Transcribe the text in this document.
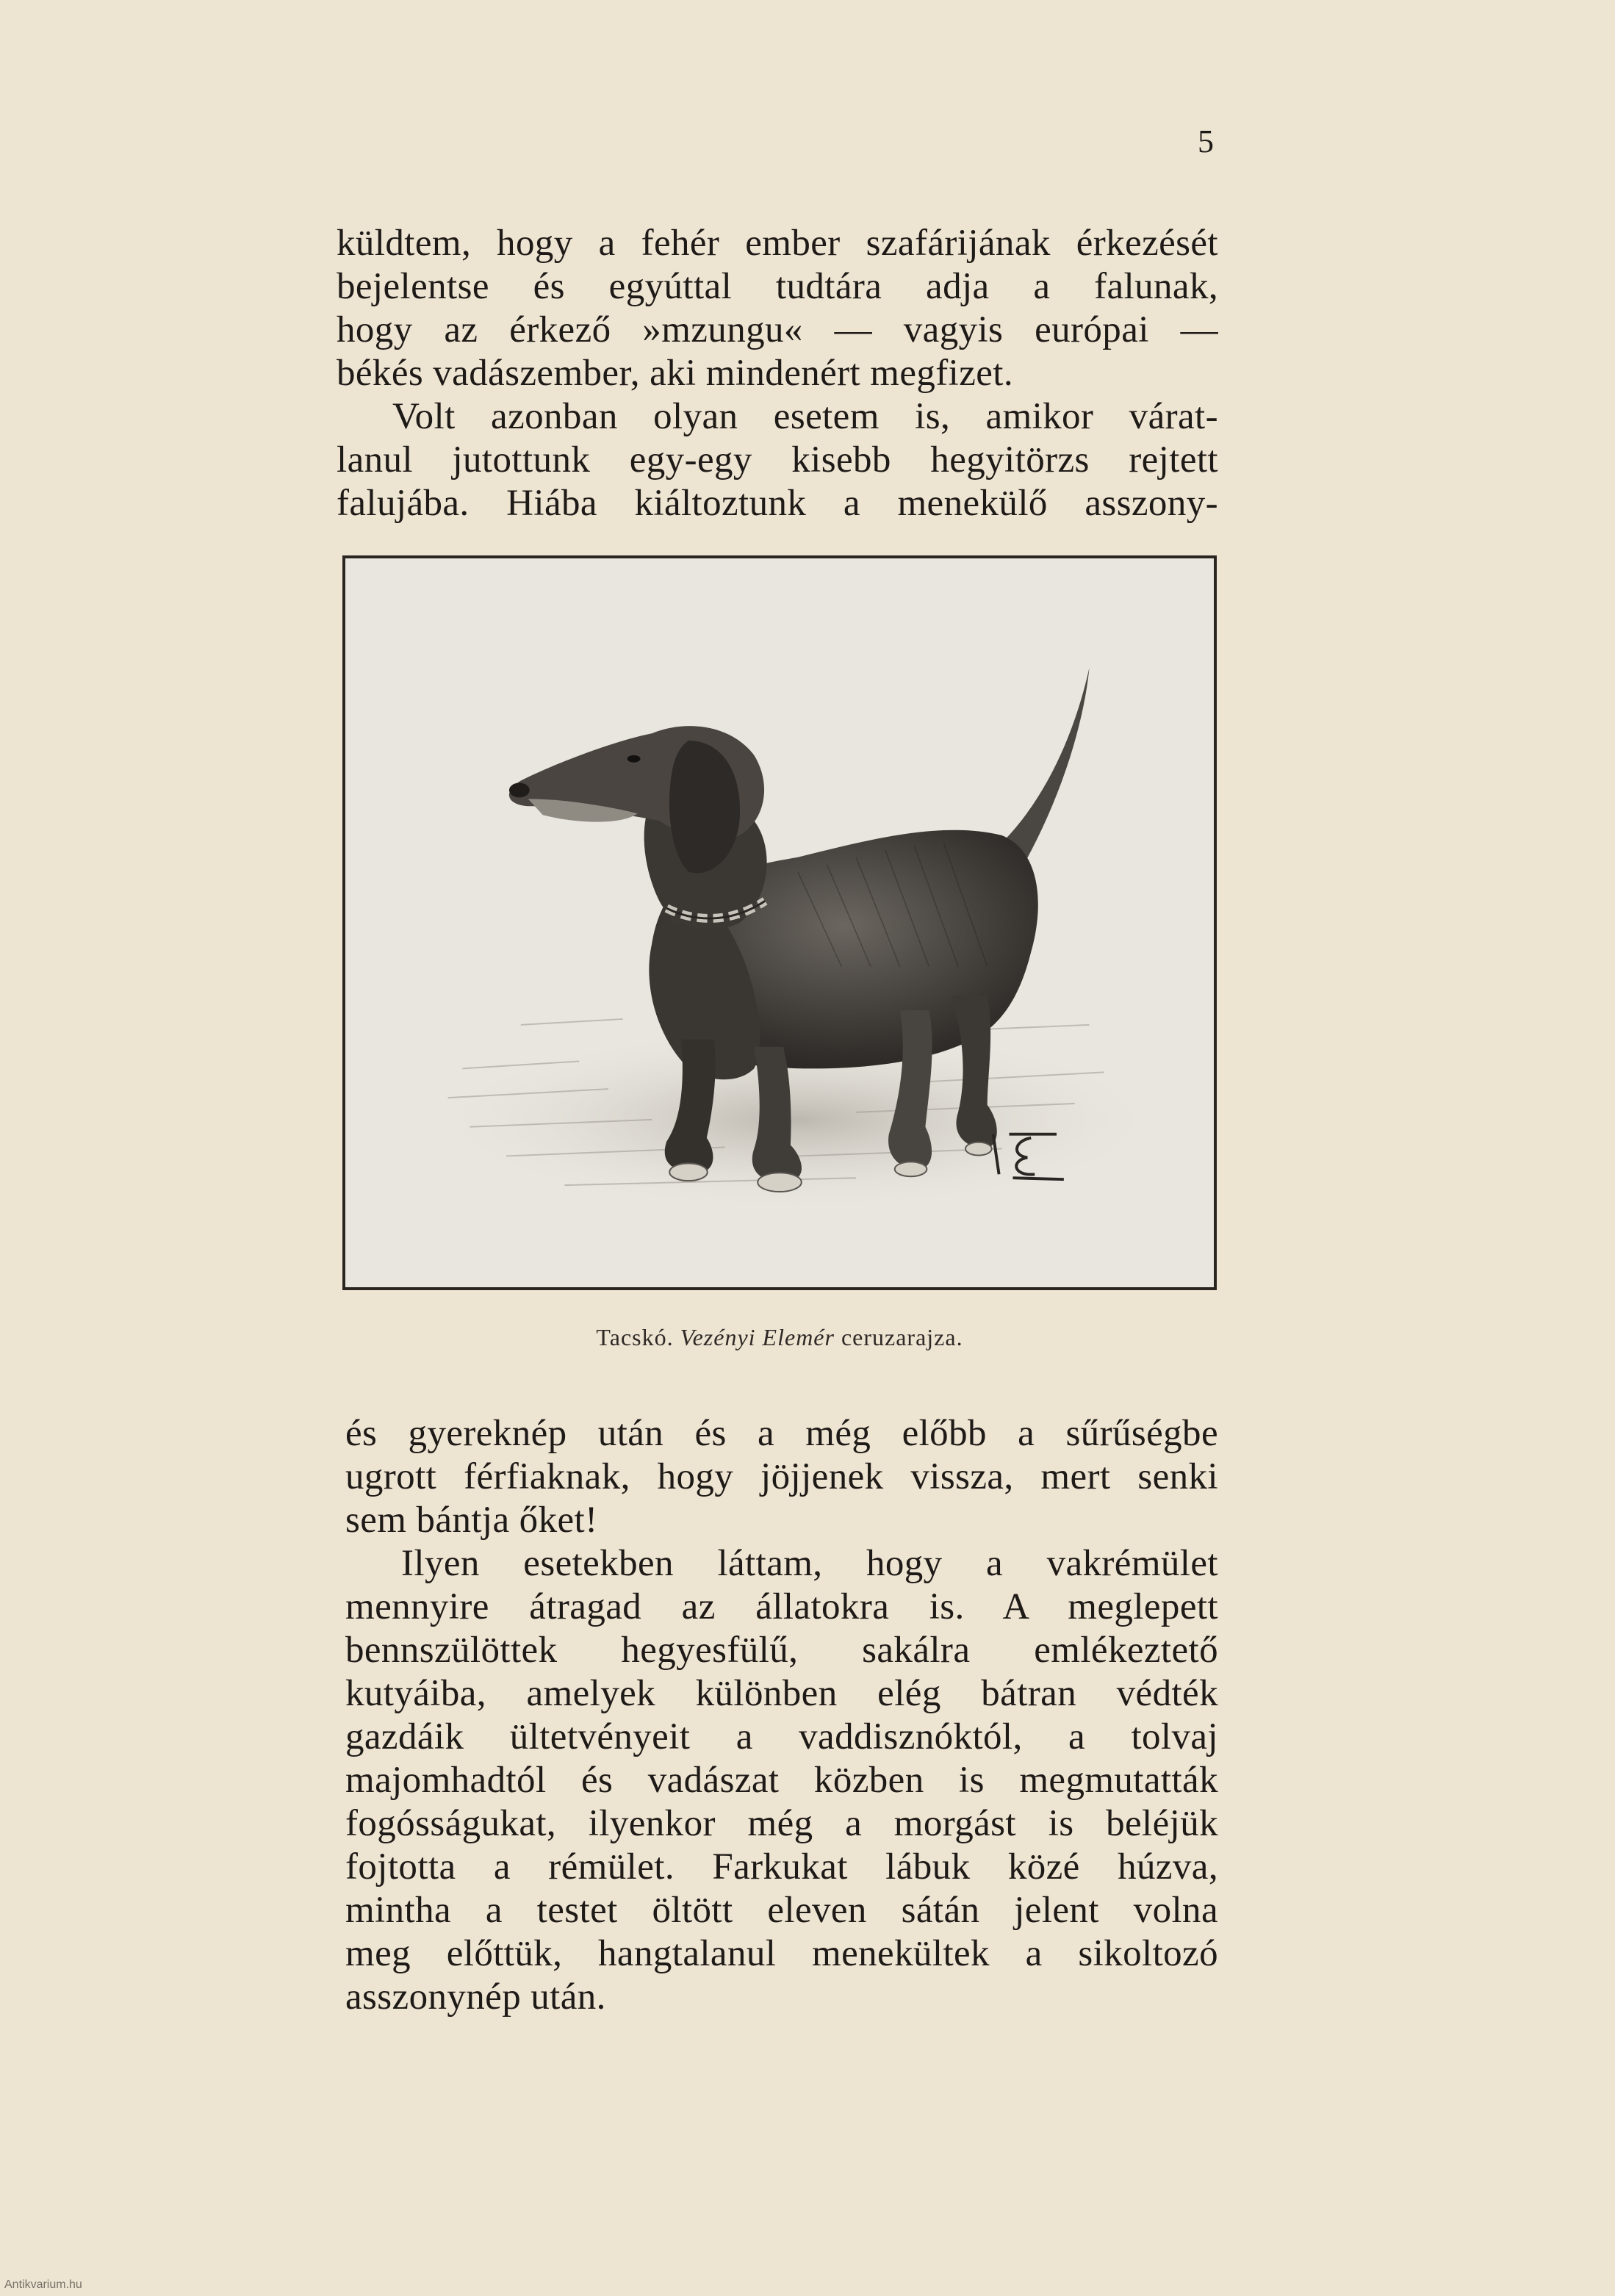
5
küldtem, hogy a fehér ember szafárijának érkezését
bejelentse és egyúttal tudtára adja a falunak,
hogy az érkező »mzungu« — vagyis európai —
békés vadászember, aki mindenért megfizet.
Volt azonban olyan esetem is, amikor várat-
lanul jutottunk egy-egy kisebb hegyitörzs rejtett
falujába. Hiába kiáltoztunk a menekülő asszony-
Tacskó. Vezényi Elemér ceruzarajza.
és gyereknép után és a még előbb a sűrűségbe
ugrott férfiaknak, hogy jöjjenek vissza, mert senki
sem bántja őket!
Ilyen esetekben láttam, hogy a vakrémület
mennyire átragad az állatokra is. A meglepett
bennszülöttek hegyesfülű, sakálra emlékeztető
kutyáiba, amelyek különben elég bátran védték
gazdáik ültetvényeit a vaddisznóktól, a tolvaj
majomhadtól és vadászat közben is megmutatták
fogósságukat, ilyenkor még a morgást is beléjük
fojtotta a rémület. Farkukat lábuk közé húzva,
mintha a testet öltött eleven sátán jelent volna
meg előttük, hangtalanul menekültek a sikoltozó
asszonynép után.
Antikvarium.hu
